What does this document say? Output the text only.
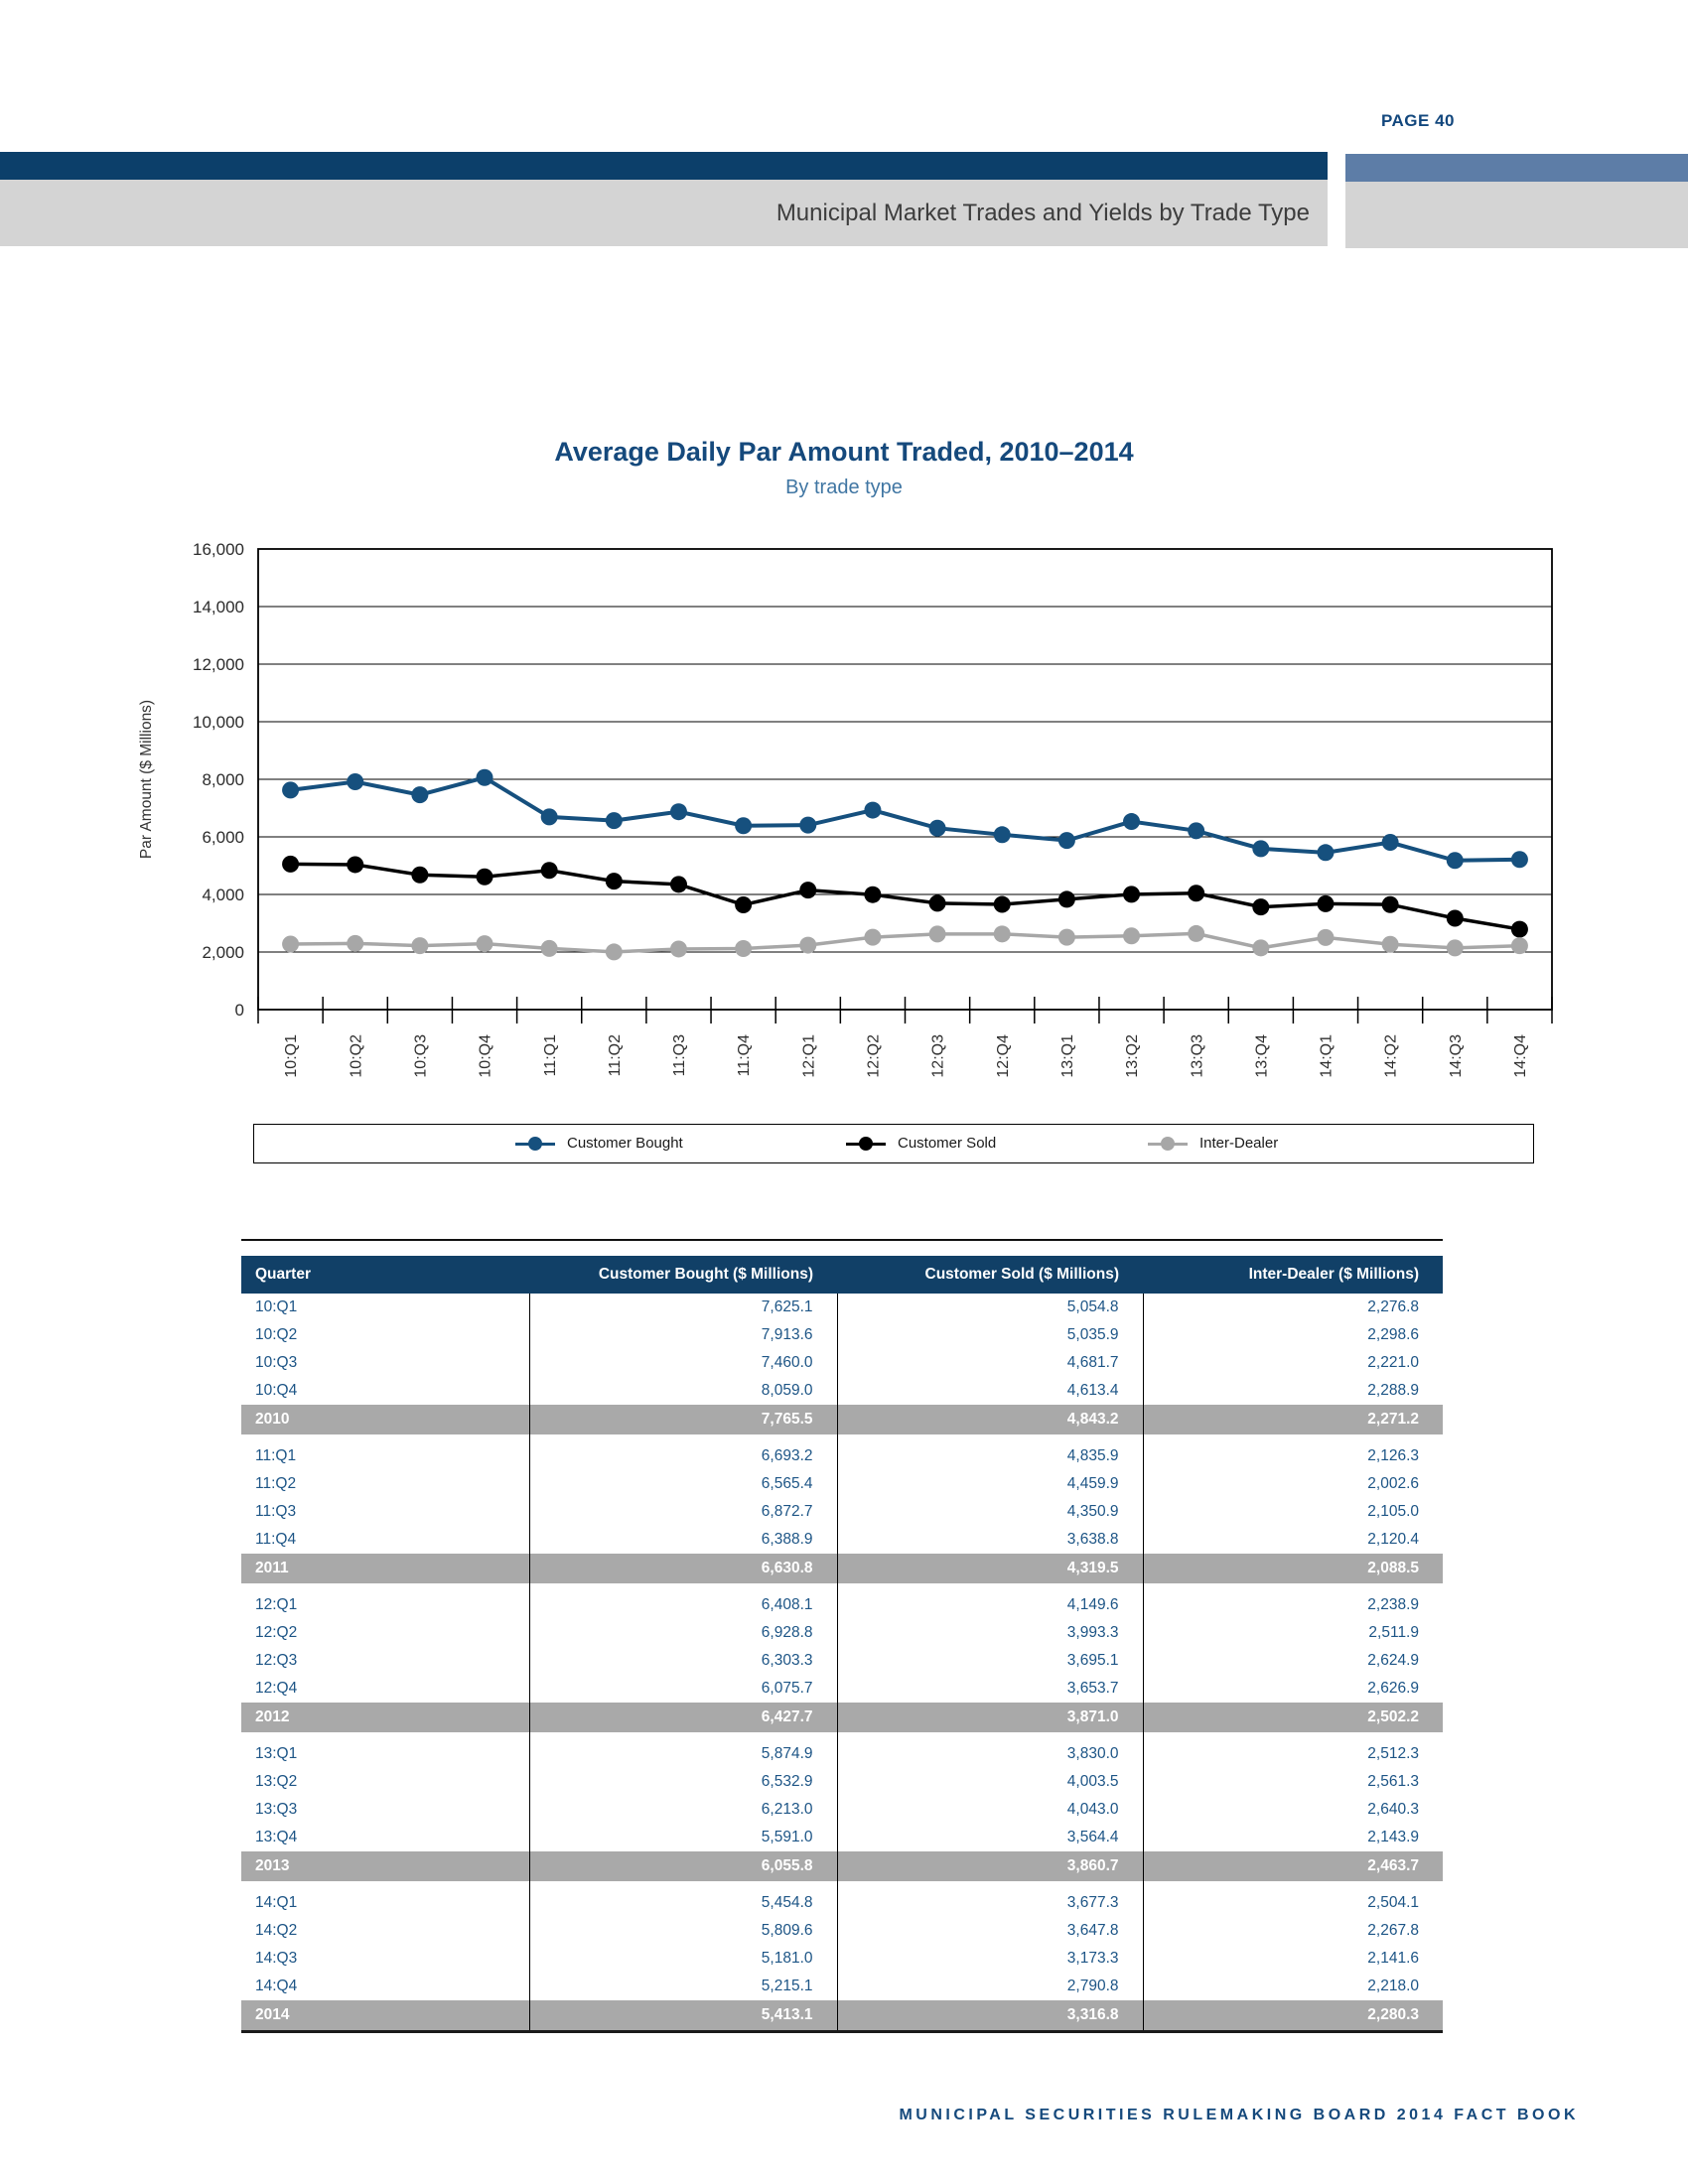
PAGE 40
Municipal Market Trades and Yields by Trade Type
Average Daily Par Amount Traded, 2010–2014
By trade type
0
2,000
4,000
6,000
8,000
10,000
12,000
14,000
16,000
Par Amount ($ Millions)
10:Q1	10:Q2	10:Q3	10:Q4	11:Q1	11:Q2	11:Q3	11:Q4	12:Q1	12:Q2	12:Q3	12:Q4	13:Q1	13:Q2	13:Q3	13:Q4	14:Q1	14:Q2	14:Q3	14:Q4
Customer Bought	Customer Sold	Inter-Dealer
Quarter	Customer Bought ($ Millions)	Customer Sold ($ Millions)	Inter-Dealer ($ Millions)
10:Q1	7,625.1	5,054.8	2,276.8
10:Q2	7,913.6	5,035.9	2,298.6
10:Q3	7,460.0	4,681.7	2,221.0
10:Q4	8,059.0	4,613.4	2,288.9
2010	7,765.5	4,843.2	2,271.2

11:Q1	6,693.2	4,835.9	2,126.3
11:Q2	6,565.4	4,459.9	2,002.6
11:Q3	6,872.7	4,350.9	2,105.0
11:Q4	6,388.9	3,638.8	2,120.4
2011	6,630.8	4,319.5	2,088.5

12:Q1	6,408.1	4,149.6	2,238.9
12:Q2	6,928.8	3,993.3	2,511.9
12:Q3	6,303.3	3,695.1	2,624.9
12:Q4	6,075.7	3,653.7	2,626.9
2012	6,427.7	3,871.0	2,502.2

13:Q1	5,874.9	3,830.0	2,512.3
13:Q2	6,532.9	4,003.5	2,561.3
13:Q3	6,213.0	4,043.0	2,640.3
13:Q4	5,591.0	3,564.4	2,143.9
2013	6,055.8	3,860.7	2,463.7

14:Q1	5,454.8	3,677.3	2,504.1
14:Q2	5,809.6	3,647.8	2,267.8
14:Q3	5,181.0	3,173.3	2,141.6
14:Q4	5,215.1	2,790.8	2,218.0
2014	5,413.1	3,316.8	2,280.3
MUNICIPAL SECURITIES RULEMAKING BOARD 2014 FACT BOOK
